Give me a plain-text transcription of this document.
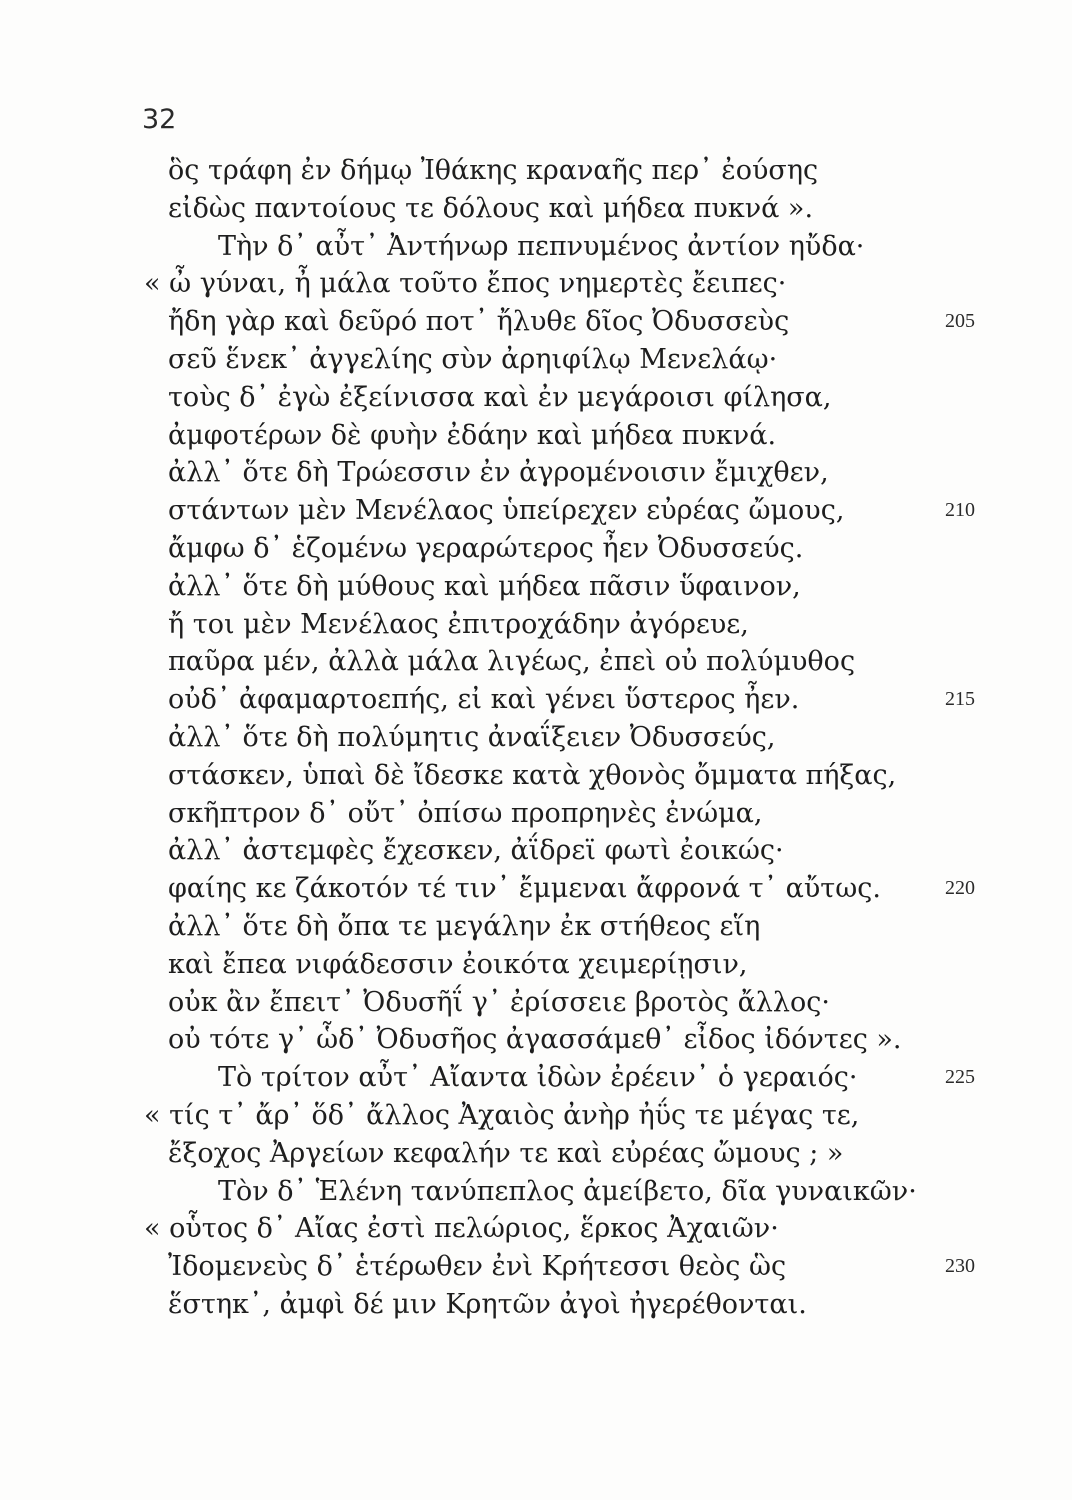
32
ὃς τράφη ἐν δήμῳ Ἰθάκης κραναῆς περ᾽ ἐούσης
εἰδὼς παντοίους τε δόλους καὶ μήδεα πυκνά ».
Τὴν δ᾽ αὖτ᾽ Ἀντήνωρ πεπνυμένος ἀντίον ηὔδα·
« ὦ γύναι, ἦ μάλα τοῦτο ἔπος νημερτὲς ἔειπες·
ἤδη γὰρ καὶ δεῦρό ποτ᾽ ἤλυθε δῖος Ὀδυσσεὺς	205
σεῦ ἕνεκ᾽ ἀγγελίης σὺν ἀρηιφίλῳ Μενελάῳ·
τοὺς δ᾽ ἐγὼ ἐξείνισσα καὶ ἐν μεγάροισι φίλησα,
ἀμφοτέρων δὲ φυὴν ἐδάην καὶ μήδεα πυκνά.
ἀλλ᾽ ὅτε δὴ Τρώεσσιν ἐν ἀγρομένοισιν ἔμιχθεν,
στάντων μὲν Μενέλαος ὑπείρεχεν εὐρέας ὤμους,	210
ἄμφω δ᾽ ἑζομένω γεραρώτερος ἦεν Ὀδυσσεύς.
ἀλλ᾽ ὅτε δὴ μύθους καὶ μήδεα πᾶσιν ὕφαινον,
ἤ τοι μὲν Μενέλαος ἐπιτροχάδην ἀγόρευε,
παῦρα μέν, ἀλλὰ μάλα λιγέως, ἐπεὶ οὐ πολύμυθος
οὐδ᾽ ἀφαμαρτοεπής, εἰ καὶ γένει ὕστερος ἦεν.	215
ἀλλ᾽ ὅτε δὴ πολύμητις ἀναΐξειεν Ὀδυσσεύς,
στάσκεν, ὑπαὶ δὲ ἴδεσκε κατὰ χθονὸς ὄμματα πήξας,
σκῆπτρον δ᾽ οὔτ᾽ ὀπίσω προπρηνὲς ἐνώμα,
ἀλλ᾽ ἀστεμφὲς ἔχεσκεν, ἀΐδρεϊ φωτὶ ἐοικώς·
φαίης κε ζάκοτόν τέ τιν᾽ ἔμμεναι ἄφρονά τ᾽ αὔτως.	220
ἀλλ᾽ ὅτε δὴ ὄπα τε μεγάλην ἐκ στήθεος εἵη
καὶ ἔπεα νιφάδεσσιν ἐοικότα χειμερίῃσιν,
οὐκ ἂν ἔπειτ᾽ Ὀδυσῆΐ γ᾽ ἐρίσσειε βροτὸς ἄλλος·
οὐ τότε γ᾽ ὧδ᾽ Ὀδυσῆος ἀγασσάμεθ᾽ εἶδος ἰδόντες ».
Τὸ τρίτον αὖτ᾽ Αἴαντα ἰδὼν ἐρέειν᾽ ὁ γεραιός·	225
« τίς τ᾽ ἄρ᾽ ὅδ᾽ ἄλλος Ἀχαιὸς ἀνὴρ ἠΰς τε μέγας τε,
ἔξοχος Ἀργείων κεφαλήν τε καὶ εὐρέας ὤμους ; »
Τὸν δ᾽ Ἑλένη τανύπεπλος ἀμείβετο, δῖα γυναικῶν·
« οὗτος δ᾽ Αἴας ἐστὶ πελώριος, ἕρκος Ἀχαιῶν·
Ἰδομενεὺς δ᾽ ἑτέρωθεν ἐνὶ Κρήτεσσι θεὸς ὣς	230
ἕστηκ᾽, ἀμφὶ δέ μιν Κρητῶν ἀγοὶ ἠγερέθονται.
